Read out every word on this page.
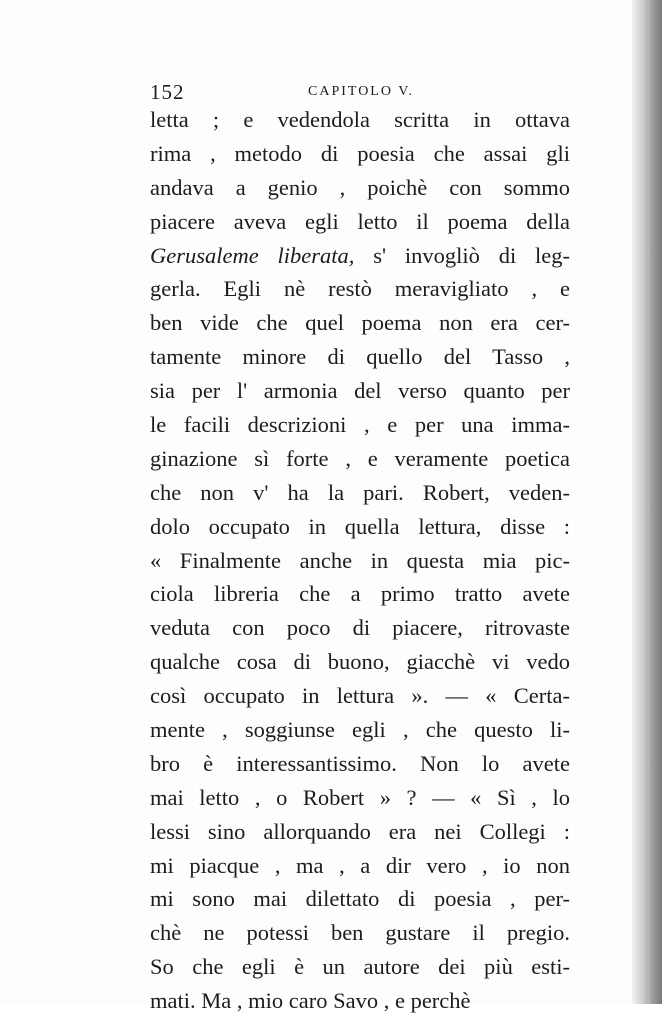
152	CAPITOLO V.
letta ; e vedendola scritta in ottava
rima , metodo di poesia che assai gli
andava a genio , poichè con sommo
piacere aveva egli letto il poema della
Gerusaleme liberata, s' invogliò di leg-
gerla. Egli nè restò meravigliato , e
ben vide che quel poema non era cer-
tamente minore di quello del Tasso ,
sia per l' armonia del verso quanto per
le facili descrizioni , e per una imma-
ginazione sì forte , e veramente poetica
che non v' ha la pari. Robert, veden-
dolo occupato in quella lettura, disse :
« Finalmente anche in questa mia pic-
ciola libreria che a primo tratto avete
veduta con poco di piacere, ritrovaste
qualche cosa di buono, giacchè vi vedo
così occupato in lettura ». — « Certa-
mente , soggiunse egli , che questo li-
bro è interessantissimo. Non lo avete
mai letto , o Robert » ? — « Sì , lo
lessi sino allorquando era nei Collegi :
mi piacque , ma , a dir vero , io non
mi sono mai dilettato di poesia , per-
chè ne potessi ben gustare il pregio.
So che egli è un autore dei più esti-
mati. Ma , mio caro Savo , e perchè
